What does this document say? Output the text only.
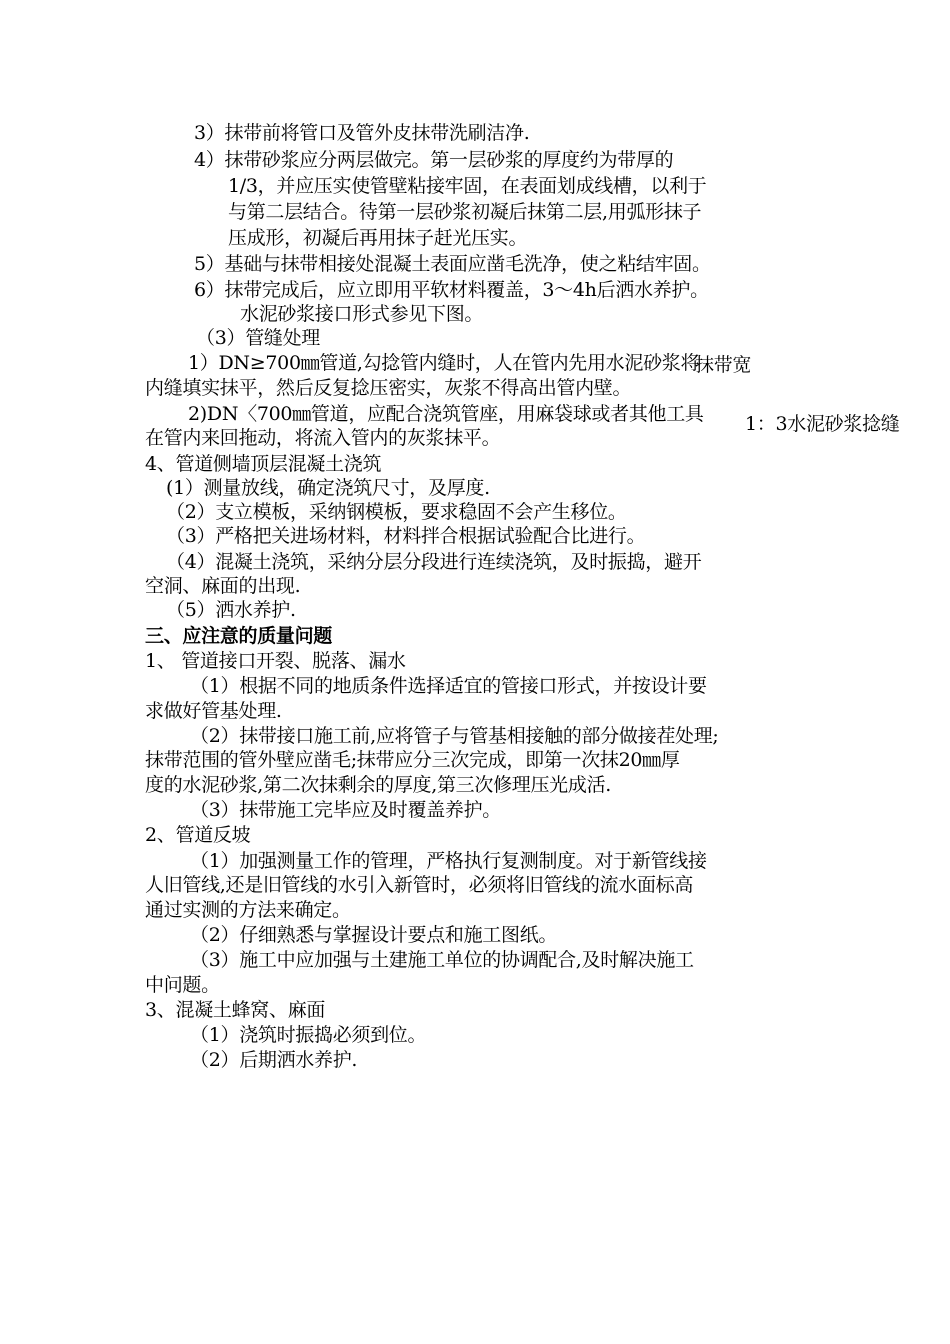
3）抹带前将管口及管外皮抹带洗刷洁净.
4）抹带砂浆应分两层做完。第一层砂浆的厚度约为带厚的
1/3，并应压实使管壁粘接牢固，在表面划成线槽，以利于
与第二层结合。待第一层砂浆初凝后抹第二层,用弧形抹子
压成形，初凝后再用抹子赶光压实。
5）基础与抹带相接处混凝土表面应凿毛洗净，使之粘结牢固。
6）抹带完成后，应立即用平软材料覆盖，3～4h后洒水养护。
水泥砂浆接口形式参见下图。
（3）管缝处理
1）DN≥700㎜管道,勾捻管内缝时，人在管内先用水泥砂浆将
内缝填实抹平，然后反复捻压密实，灰浆不得高出管内壁。
2)DN〈700㎜管道，应配合浇筑管座，用麻袋球或者其他工具
在管内来回拖动，将流入管内的灰浆抹平。
4、管道侧墙顶层混凝土浇筑
(1）测量放线，确定浇筑尺寸，及厚度.
（2）支立模板，采纳钢模板，要求稳固不会产生移位。
（3）严格把关进场材料，材料拌合根据试验配合比进行。
（4）混凝土浇筑，采纳分层分段进行连续浇筑，及时振捣，避开
空洞、麻面的出现.
（5）洒水养护.
三、应注意的质量问题
1、 管道接口开裂、脱落、漏水
（1）根据不同的地质条件选择适宜的管接口形式，并按设计要
求做好管基处理.
（2）抹带接口施工前,应将管子与管基相接触的部分做接茬处理;
抹带范围的管外壁应凿毛;抹带应分三次完成，即第一次抹20㎜厚
度的水泥砂浆,第二次抹剩余的厚度,第三次修理压光成活.
（3）抹带施工完毕应及时覆盖养护。
2、管道反坡
（1）加强测量工作的管理，严格执行复测制度。对于新管线接
人旧管线,还是旧管线的水引入新管时，必须将旧管线的流水面标高
通过实测的方法来确定。
（2）仔细熟悉与掌握设计要点和施工图纸。
（3）施工中应加强与土建施工单位的协调配合,及时解决施工
中问题。
3、混凝土蜂窝、麻面
（1）浇筑时振捣必须到位。
（2）后期洒水养护.
抹带宽
1：3水泥砂浆捻缝
